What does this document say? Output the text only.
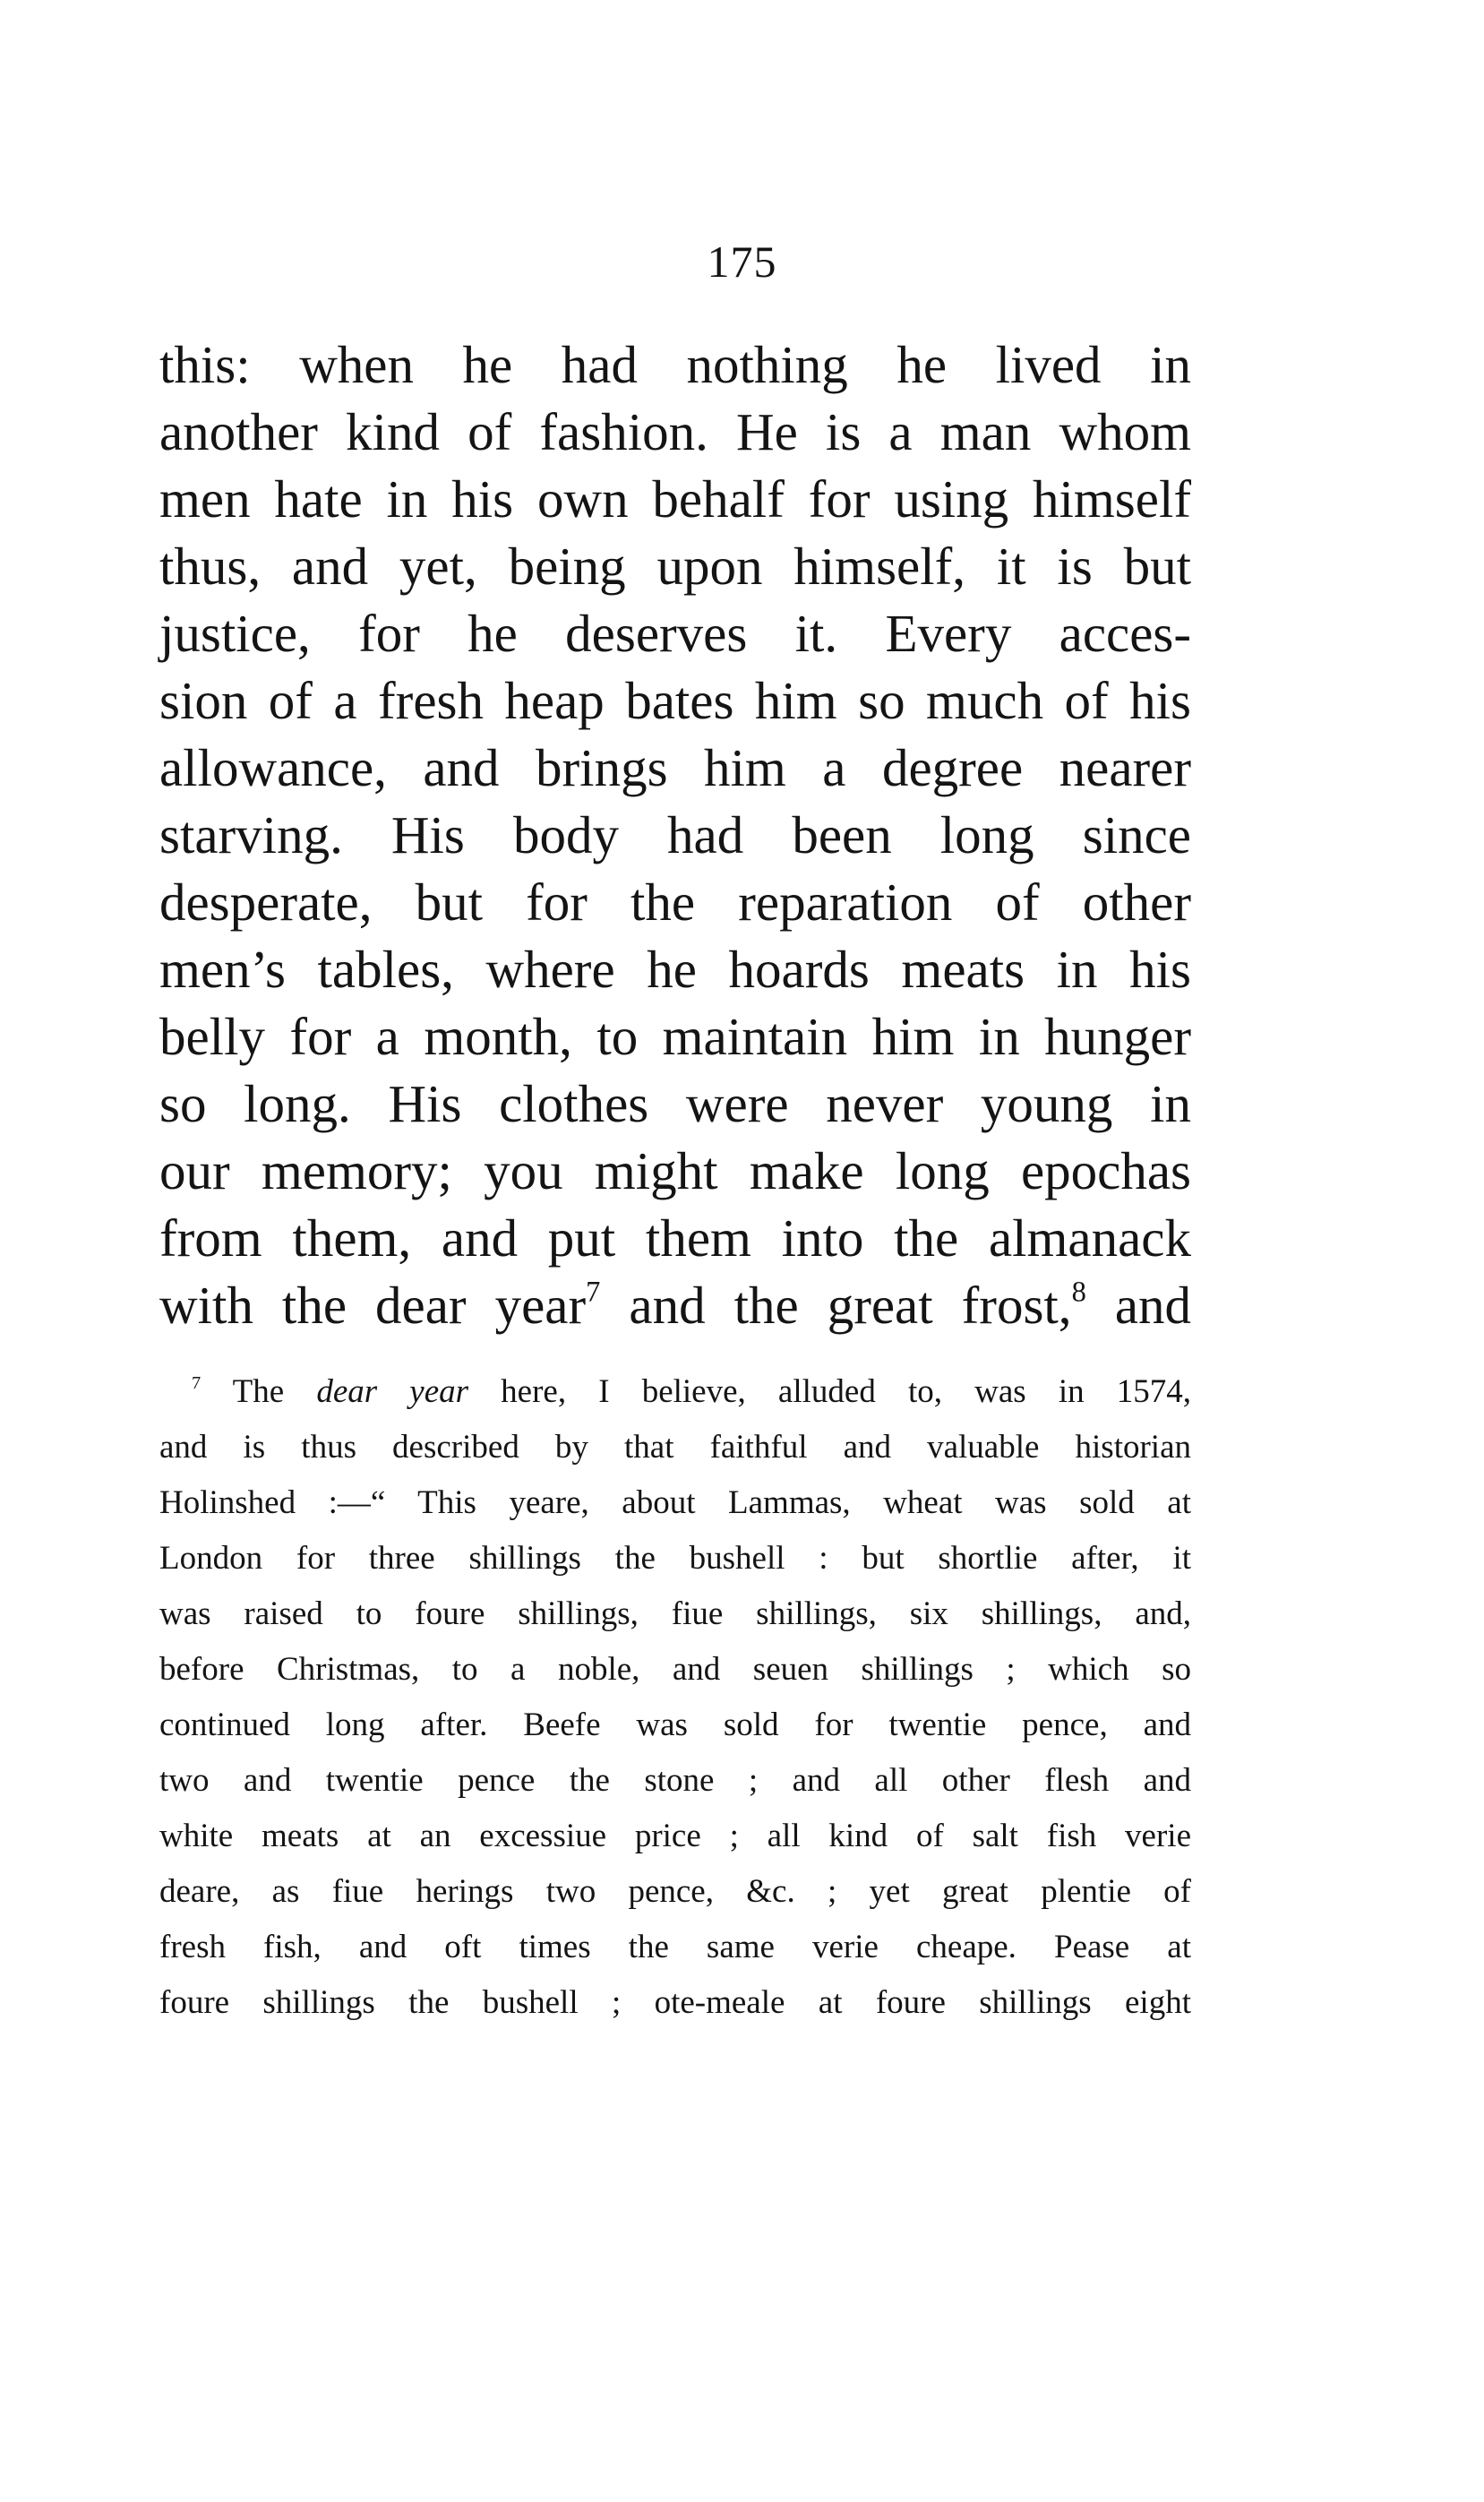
175
this: when he had nothing he lived in
another kind of fashion. He is a man whom
men hate in his own behalf for using himself
thus, and yet, being upon himself, it is but
justice, for he deserves it. Every acces-
sion of a fresh heap bates him so much of his
allowance, and brings him a degree nearer
starving. His body had been long since
desperate, but for the reparation of other
men’s tables, where he hoards meats in his
belly for a month, to maintain him in hunger
so long. His clothes were never young in
our memory; you might make long epochas
from them, and put them into the almanack
with the dear year$^7$ and the great frost,$^8$ and
$^7$ The dear year here, I believe, alluded to, was in 1574,
and is thus described by that faithful and valuable historian
Holinshed :—“ This yeare, about Lammas, wheat was sold at
London for three shillings the bushell : but shortlie after, it
was raised to foure shillings, fiue shillings, six shillings, and,
before Christmas, to a noble, and seuen shillings ; which so
continued long after. Beefe was sold for twentie pence, and
two and twentie pence the stone ; and all other flesh and
white meats at an excessiue price ; all kind of salt fish verie
deare, as fiue herings two pence, &c. ; yet great plentie of
fresh fish, and oft times the same verie cheape. Pease at
foure shillings the bushell ; ote-meale at foure shillings eight
